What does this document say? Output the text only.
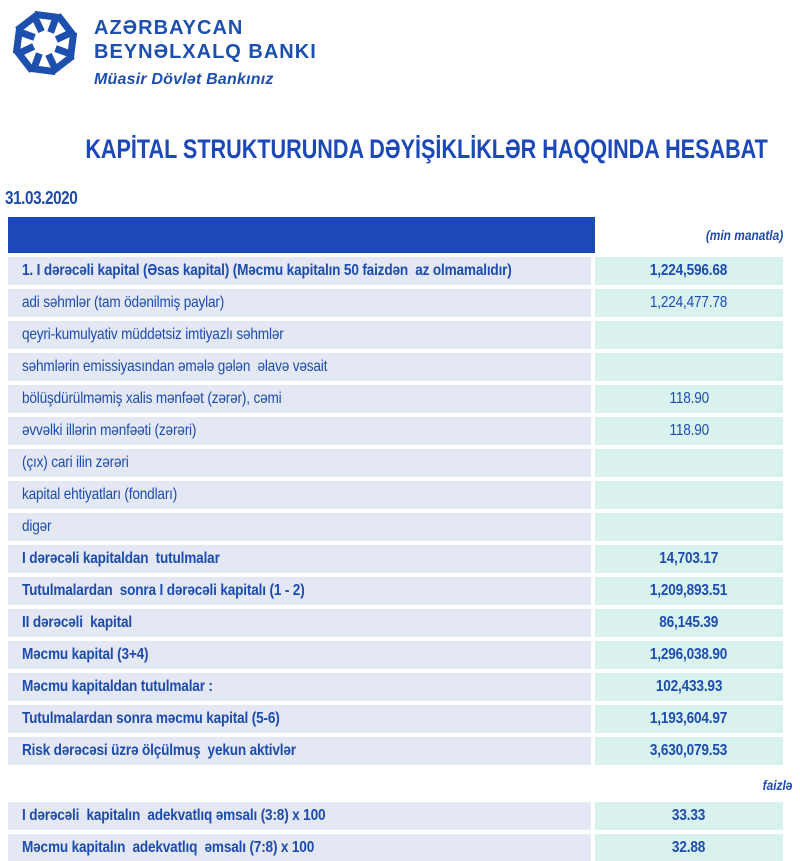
AZƏRBAYCAN
BEYNƏLXALQ BANKI
Müasir Dövlət Bankınız
KAPİTAL STRUKTURUNDA DƏYİŞİKLİKLƏR HAQQINDA HESABAT
31.03.2020
(min manatla)
1. I dərəcəli kapital (Əsas kapital) (Məcmu kapitalın 50 faizdən  az olmamalıdır)	1,224,596.68
adi səhmlər (tam ödənilmiş paylar)	1,224,477.78
qeyri-kumulyativ müddətsiz imtiyazlı səhmlər
səhmlərin emissiyasından əmələ gələn  əlavə vəsait
bölüşdürülməmiş xalis mənfəət (zərər), cəmi	118.90
əvvəlki illərin mənfəəti (zərəri)	118.90
(çıx) cari ilin zərəri
kapital ehtiyatları (fondları)
digər
I dərəcəli kapitaldan  tutulmalar	14,703.17
Tutulmalardan  sonra I dərəcəli kapitalı (1 - 2)	1,209,893.51
II dərəcəli  kapital	86,145.39
Məcmu kapital (3+4)	1,296,038.90
Məcmu kapitaldan tutulmalar :	102,433.93
Tutulmalardan sonra məcmu kapital (5-6)	1,193,604.97
Risk dərəcəsi üzrə ölçülmuş  yekun aktivlər	3,630,079.53
faizlə
I dərəcəli  kapitalın  adekvatlıq əmsalı (3:8) x 100	33.33
Məcmu kapitalın  adekvatlıq  əmsalı (7:8) x 100	32.88
